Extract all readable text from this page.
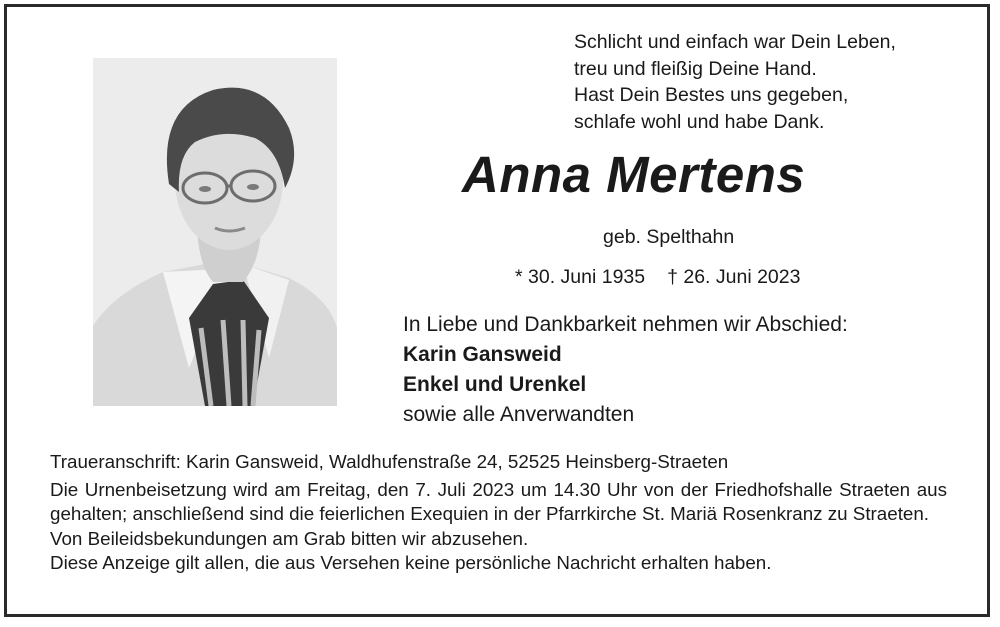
Schlicht und einfach war Dein Leben,
treu und fleißig Deine Hand.
Hast Dein Bestes uns gegeben,
schlafe wohl und habe Dank.
Anna Mertens
geb. Spelthahn
* 30. Juni 1935 † 26. Juni 2023
In Liebe und Dankbarkeit nehmen wir Abschied:
Karin Gansweid
Enkel und Urenkel
sowie alle Anverwandten
Traueranschrift: Karin Gansweid, Waldhufenstraße 24, 52525 Heinsberg-Straeten
Die Urnenbeisetzung wird am Freitag, den 7. Juli 2023 um 14.30 Uhr von der Friedhofshalle Straeten aus gehalten; anschließend sind die feierlichen Exequien in der Pfarrkirche St. Mariä Rosenkranz zu Straeten.
Von Beileidsbekundungen am Grab bitten wir abzusehen.
Diese Anzeige gilt allen, die aus Versehen keine persönliche Nachricht erhalten haben.
